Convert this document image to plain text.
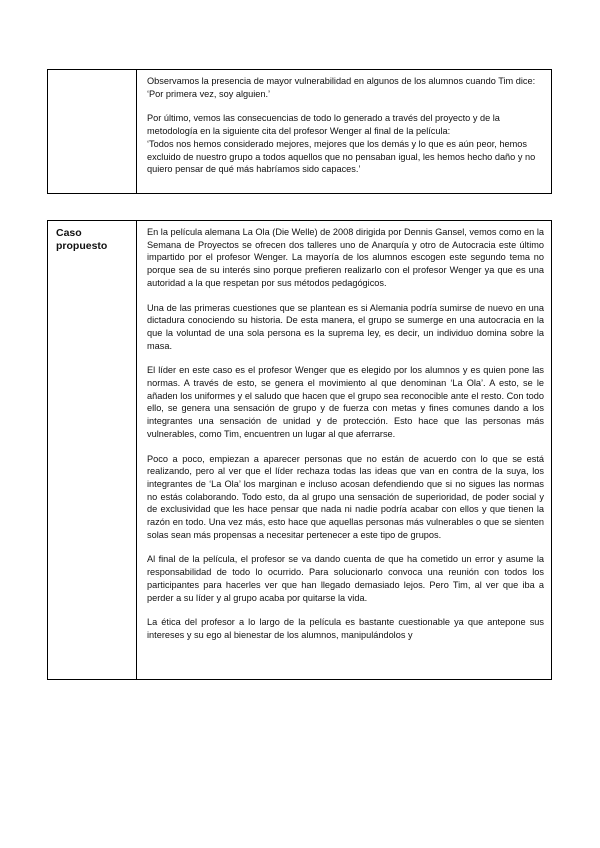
Observamos la presencia de mayor vulnerabilidad en algunos de los alumnos cuando Tim dice:

‘Por primera vez, soy alguien.’

Por último, vemos las consecuencias de todo lo generado a través del proyecto y de la metodología en la siguiente cita del profesor Wenger al final de la película:

‘Todos nos hemos considerado mejores, mejores que los demás y lo que es aún peor, hemos excluido de nuestro grupo a todos aquellos que no pensaban igual, les hemos hecho daño y no quiero pensar de qué más habríamos sido capaces.’

Caso
propuesto

En la película alemana La Ola (Die Welle) de 2008 dirigida por Dennis Gansel, vemos como en la Semana de Proyectos se ofrecen dos talleres uno de Anarquía y otro de Autocracia este último impartido por el profesor Wenger. La mayoría de los alumnos escogen este segundo tema no porque sea de su interés sino porque prefieren realizarlo con el profesor Wenger ya que es una autoridad a la que respetan por sus métodos pedagógicos.

Una de las primeras cuestiones que se plantean es si Alemania podría sumirse de nuevo en una dictadura conociendo su historia. De esta manera, el grupo se sumerge en una autocracia en la que la voluntad de una sola persona es la suprema ley, es decir, un individuo domina sobre la masa.

El líder en este caso es el profesor Wenger que es elegido por los alumnos y es quien pone las normas. A través de esto, se genera el movimiento al que denominan ‘La Ola’. A esto, se le añaden los uniformes y el saludo que hacen que el grupo sea reconocible ante el resto. Con todo ello, se genera una sensación de grupo y de fuerza con metas y fines comunes dando a los integrantes una sensación de unidad y de protección. Esto hace que las personas más vulnerables, como Tim, encuentren un lugar al que aferrarse.

Poco a poco, empiezan a aparecer personas que no están de acuerdo con lo que se está realizando, pero al ver que el líder rechaza todas las ideas que van en contra de la suya, los integrantes de ‘La Ola’ los marginan e incluso acosan defendiendo que si no sigues las normas no estás colaborando. Todo esto, da al grupo una sensación de superioridad, de poder social y de exclusividad que les hace pensar que nada ni nadie podría acabar con ellos y que tienen la razón en todo. Una vez más, esto hace que aquellas personas más vulnerables o que se sienten solas sean más propensas a necesitar pertenecer a este tipo de grupos.

Al final de la película, el profesor se va dando cuenta de que ha cometido un error y asume la responsabilidad de todo lo ocurrido. Para solucionarlo convoca una reunión con todos los participantes para hacerles ver que han llegado demasiado lejos. Pero Tim, al ver que iba a perder a su líder y al grupo acaba por quitarse la vida.

La ética del profesor a lo largo de la película es bastante cuestionable ya que antepone sus intereses y su ego al bienestar de los alumnos, manipulándolos y
